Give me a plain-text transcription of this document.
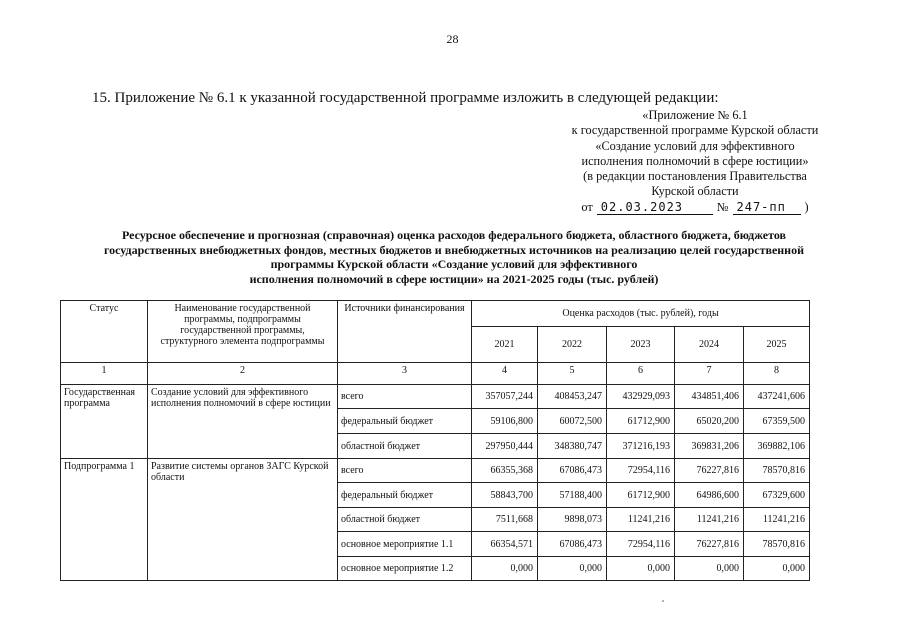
28
15. Приложение № 6.1 к указанной государственной программе изложить в следующей редакции:
«Приложение № 6.1
к государственной программе Курской области
«Создание условий для эффективного
исполнения полномочий в сфере юстиции»
(в редакции постановления Правительства
Курской области
от 02.03.2023	№ 247-пп	)
Ресурсное обеспечение и прогнозная (справочная) оценка расходов федерального бюджета, областного бюджета, бюджетов
государственных внебюджетных фондов, местных бюджетов и внебюджетных источников на реализацию целей государственной
программы Курской области «Создание условий для эффективного
исполнения полномочий в сфере юстиции» на 2021-2025 годы (тыс. рублей)
Статус	Наименование государственной программы, подпрограммы государственной программы, структурного элемента подпрограммы	Источники финансирования	Оценка расходов (тыс. рублей), годы				
			2021	2022	2023	2024	2025
1	2	3	4	5	6	7	8
Государственная программа	Создание условий для эффективного исполнения полномочий в сфере юстиции	всего	357057,244	408453,247	432929,093	434851,406	437241,606
		федеральный бюджет	59106,800	60072,500	61712,900	65020,200	67359,500
		областной бюджет	297950,444	348380,747	371216,193	369831,206	369882,106
Подпрограмма 1	Развитие системы органов ЗАГС Курской области	всего	66355,368	67086,473	72954,116	76227,816	78570,816
		федеральный бюджет	58843,700	57188,400	61712,900	64986,600	67329,600
		областной бюджет	7511,668	9898,073	11241,216	11241,216	11241,216
		основное мероприятие 1.1	66354,571	67086,473	72954,116	76227,816	78570,816
		основное мероприятие 1.2	0,000	0,000	0,000	0,000	0,000
